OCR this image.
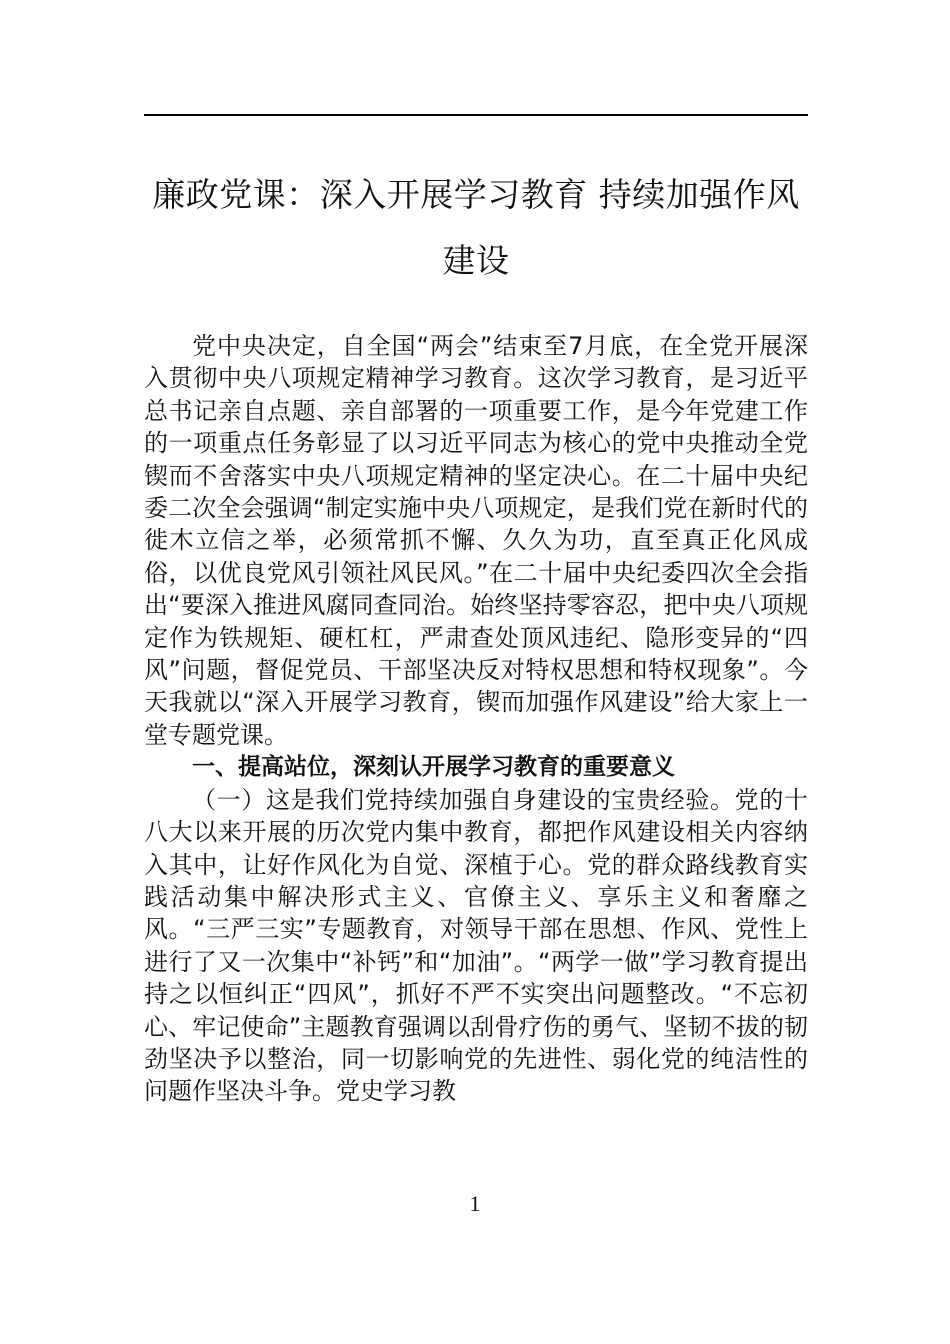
廉政党课：深入开展学习教育 持续加强作风建设

党中央决定，自全国“两会”结束至7月底，在全党开展深入贯彻中央八项规定精神学习教育。这次学习教育，是习近平总书记亲自点题、亲自部署的一项重要工作，是今年党建工作的一项重点任务彰显了以习近平同志为核心的党中央推动全党锲而不舍落实中央八项规定精神的坚定决心。在二十届中央纪委二次全会强调“制定实施中央八项规定，是我们党在新时代的徙木立信之举，必须常抓不懈、久久为功，直至真正化风成俗，以优良党风引领社风民风。”在二十届中央纪委四次全会指出“要深入推进风腐同查同治。始终坚持零容忍，把中央八项规定作为铁规矩、硬杠杠，严肃查处顶风违纪、隐形变异的“四风”问题，督促党员、干部坚决反对特权思想和特权现象”。今天我就以“深入开展学习教育，锲而加强作风建设”给大家上一堂专题党课。

一、提高站位，深刻认开展学习教育的重要意义

（一）这是我们党持续加强自身建设的宝贵经验。党的十八大以来开展的历次党内集中教育，都把作风建设相关内容纳入其中，让好作风化为自觉、深植于心。党的群众路线教育实践活动集中解决形式主义、官僚主义、享乐主义和奢靡之风。“三严三实”专题教育，对领导干部在思想、作风、党性上进行了又一次集中“补钙”和“加油”。“两学一做”学习教育提出持之以恒纠正“四风”，抓好不严不实突出问题整改。“不忘初心、牢记使命”主题教育强调以刮骨疗伤的勇气、坚韧不拔的韧劲坚决予以整治，同一切影响党的先进性、弱化党的纯洁性的问题作坚决斗争。党史学习教

1
